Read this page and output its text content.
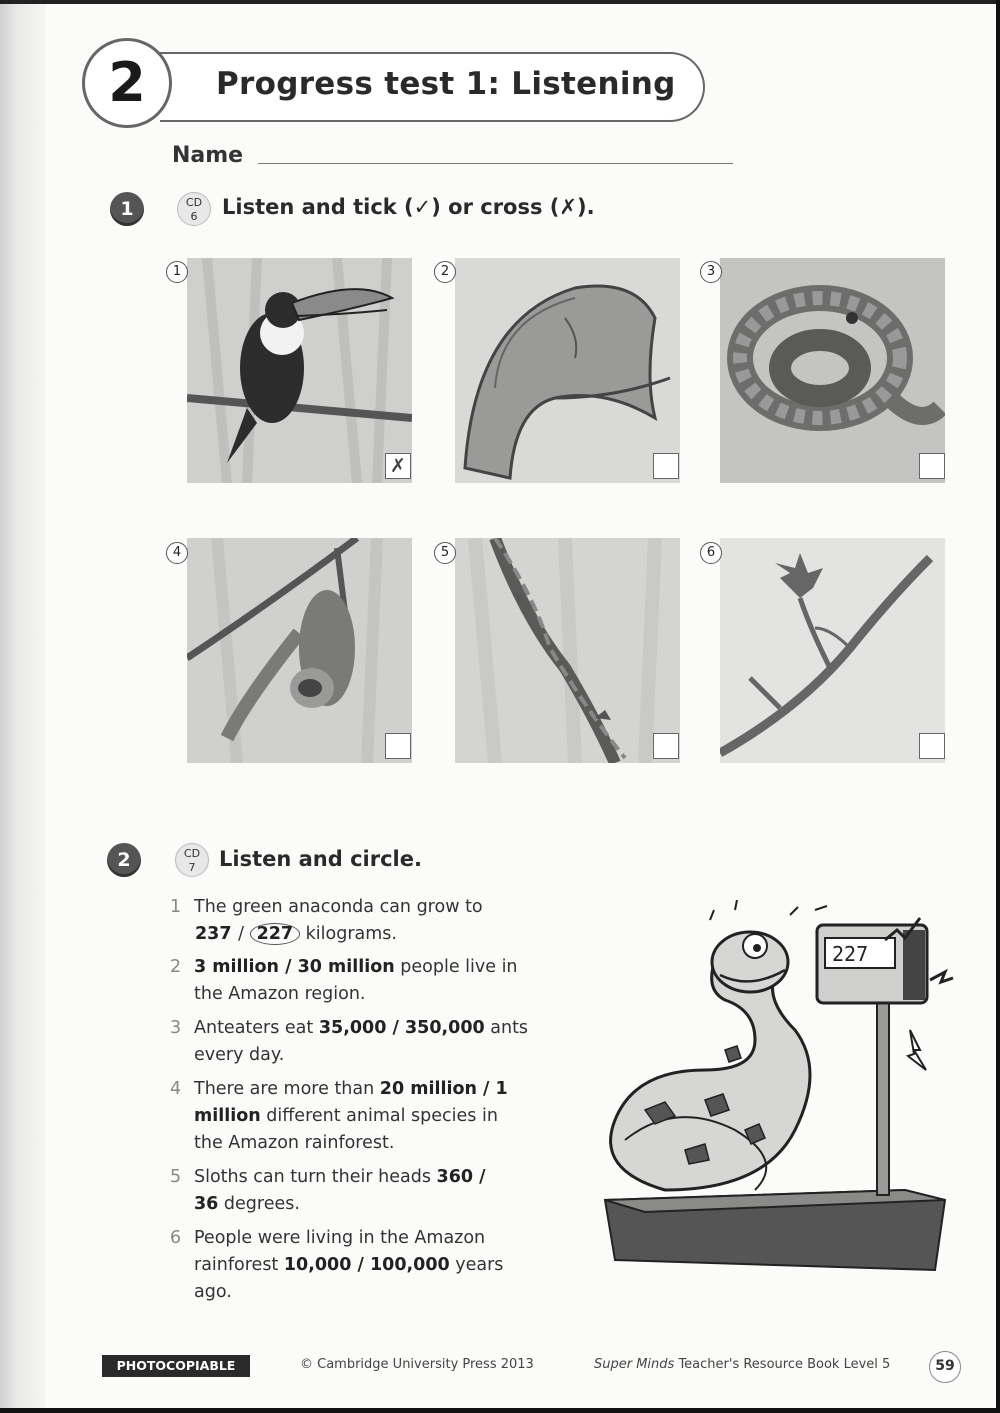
2	Progress test 1: Listening
Name
1	CD
6	Listen and tick (✓) or cross (✗).
1
✗
2	3
4	5	6
2	CD
7	Listen and circle.
1 The green anaconda can grow to
237 / 227 kilograms.
2 3 million / 30 million people live in the Amazon region.
3 Anteaters eat 35,000 / 350,000 ants every day.
4 There are more than 20 million / 1 million different animal species in the Amazon rainforest.
5 Sloths can turn their heads 360 /
36 degrees.
6 People were living in the Amazon rainforest 10,000 / 100,000 years ago.
227
PHOTOCOPIABLE	© Cambridge University Press 2013	Super Minds Teacher's Resource Book Level 5	59
